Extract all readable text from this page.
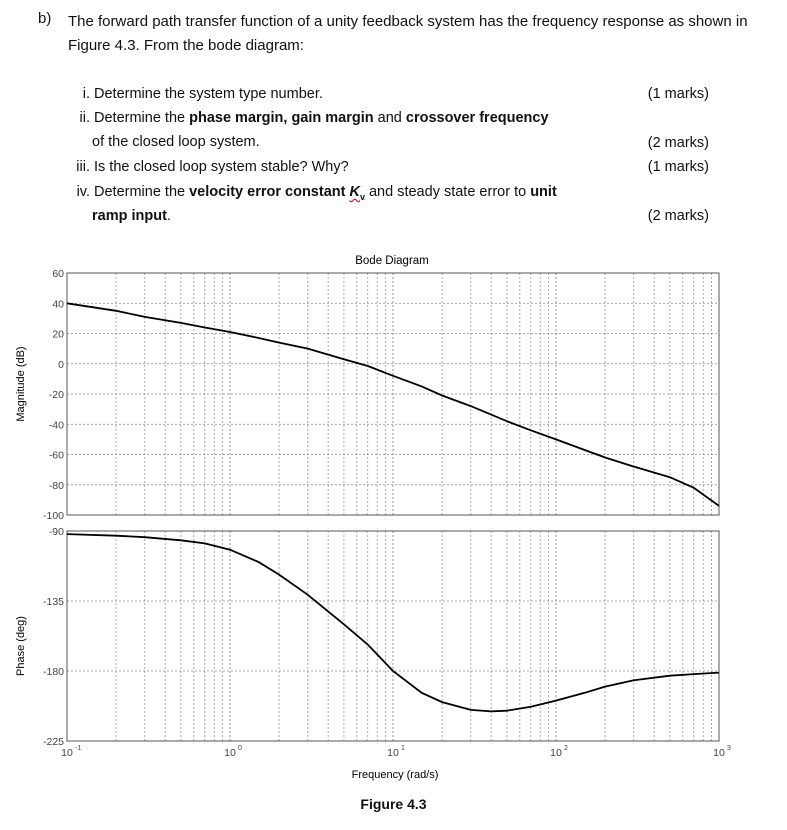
b) The forward path transfer function of a unity feedback system has the frequency response as shown in Figure 4.3. From the bode diagram:
i. Determine the system type number.	(1 marks)
ii. Determine the phase margin, gain margin and crossover frequency
of the closed loop system.	(2 marks)
iii. Is the closed loop system stable? Why?	(1 marks)
iv. Determine the velocity error constant $K_v$ and steady state error to unit
ramp input.	(2 marks)
Bode Diagram
60
40
20
0
-20
-40
-60
-80
-100
-90
-135
-180
-225
10 -1	10 0	10 1	10 2	10 3
Magnitude (dB)
Phase (deg)
Frequency (rad/s)
Figure 4.3
